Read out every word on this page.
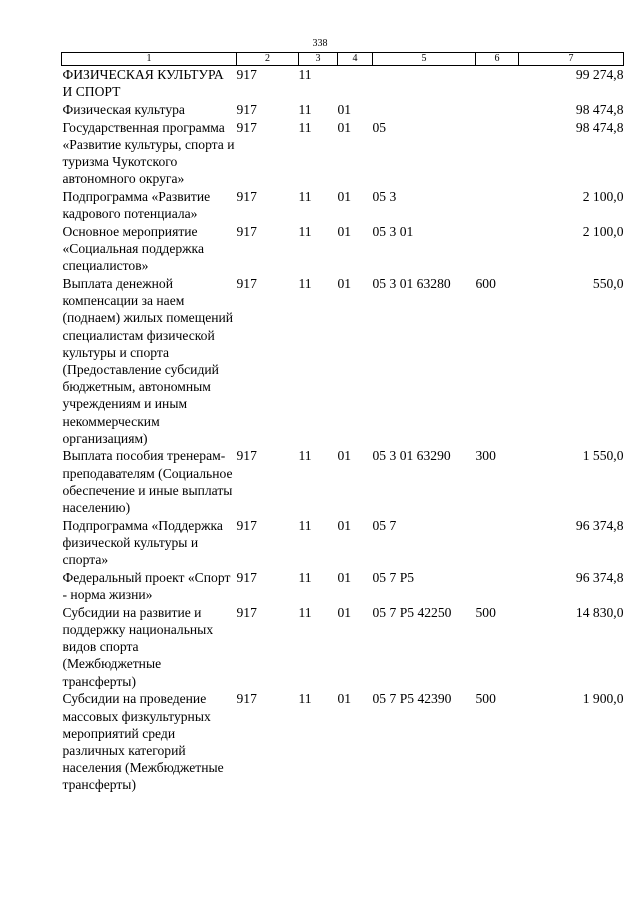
338
1	2	3	4	5	6	7
ФИЗИЧЕСКАЯ КУЛЬТУРА И СПОРТ	917	11				99 274,8
Физическая культура	917	11	01			98 474,8
Государственная программа «Развитие культуры, спорта и туризма Чукотского автономного округа»	917	11	01	05		98 474,8
Подпрограмма «Развитие кадрового потенциала»	917	11	01	05 3		2 100,0
Основное мероприятие «Социальная поддержка специалистов»	917	11	01	05 3 01		2 100,0
Выплата денежной компенсации за наем (поднаем) жилых помещений специалистам физической культуры и спорта (Предоставление субсидий бюджетным, автономным учреждениям и иным некоммерческим организациям)	917	11	01	05 3 01 63280	600	550,0
Выплата пособия тренерам-преподавателям (Социальное обеспечение и иные выплаты населению)	917	11	01	05 3 01 63290	300	1 550,0
Подпрограмма «Поддержка физической культуры и спорта»	917	11	01	05 7		96 374,8
Федеральный проект «Спорт - норма жизни»	917	11	01	05 7 Р5		96 374,8
Субсидии на развитие и поддержку национальных видов спорта (Межбюджетные трансферты)	917	11	01	05 7 Р5 42250	500	14 830,0
Субсидии на проведение массовых физкультурных мероприятий среди различных категорий населения (Межбюджетные трансферты)	917	11	01	05 7 Р5 42390	500	1 900,0
